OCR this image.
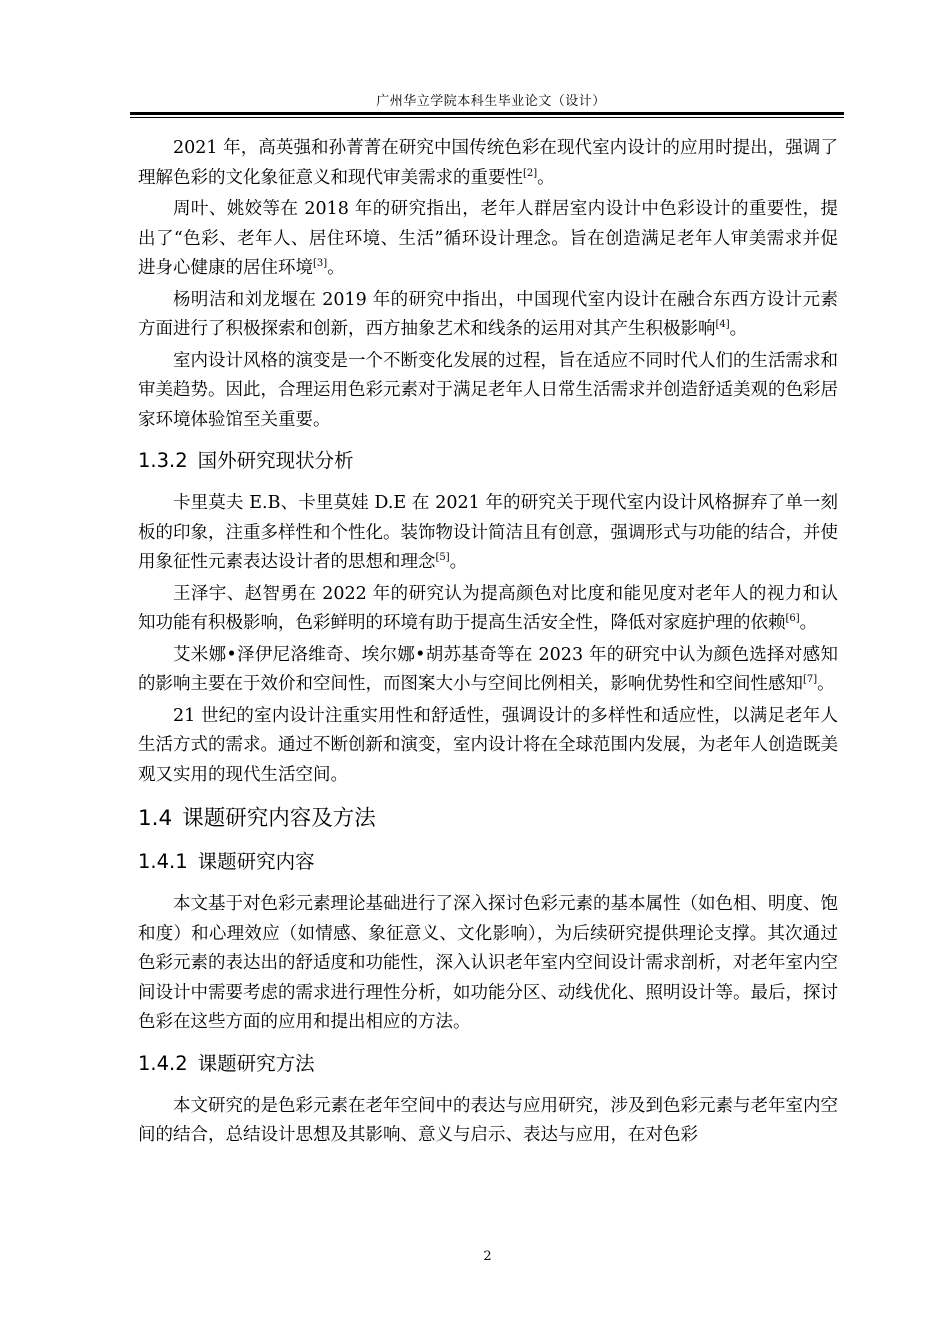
广州华立学院本科生毕业论文（设计）

2021 年，高英强和孙菁菁在研究中国传统色彩在现代室内设计的应用时提出，强调了理解色彩的文化象征意义和现代审美需求的重要性[2]。

周叶、姚姣等在 2018 年的研究指出，老年人群居室内设计中色彩设计的重要性，提出了“色彩、老年人、居住环境、生活”循环设计理念。旨在创造满足老年人审美需求并促进身心健康的居住环境[3]。

杨明洁和刘龙堰在 2019 年的研究中指出，中国现代室内设计在融合东西方设计元素方面进行了积极探索和创新，西方抽象艺术和线条的运用对其产生积极影响[4]。

室内设计风格的演变是一个不断变化发展的过程，旨在适应不同时代人们的生活需求和审美趋势。因此，合理运用色彩元素对于满足老年人日常生活需求并创造舒适美观的色彩居家环境体验馆至关重要。

1.3.2 国外研究现状分析

卡里莫夫 E.B、卡里莫娃 D.E 在 2021 年的研究关于现代室内设计风格摒弃了单一刻板的印象，注重多样性和个性化。装饰物设计简洁且有创意，强调形式与功能的结合，并使用象征性元素表达设计者的思想和理念[5]。

王泽宇、赵智勇在 2022 年的研究认为提高颜色对比度和能见度对老年人的视力和认知功能有积极影响，色彩鲜明的环境有助于提高生活安全性，降低对家庭护理的依赖[6]。

艾米娜•泽伊尼洛维奇、埃尔娜•胡苏基奇等在 2023 年的研究中认为颜色选择对感知的影响主要在于效价和空间性，而图案大小与空间比例相关，影响优势性和空间性感知[7]。

21 世纪的室内设计注重实用性和舒适性，强调设计的多样性和适应性，以满足老年人生活方式的需求。通过不断创新和演变，室内设计将在全球范围内发展，为老年人创造既美观又实用的现代生活空间。

1.4 课题研究内容及方法
1.4.1 课题研究内容

本文基于对色彩元素理论基础进行了深入探讨色彩元素的基本属性（如色相、明度、饱和度）和心理效应（如情感、象征意义、文化影响），为后续研究提供理论支撑。其次通过色彩元素的表达出的舒适度和功能性，深入认识老年室内空间设计需求剖析，对老年室内空间设计中需要考虑的需求进行理性分析，如功能分区、动线优化、照明设计等。最后，探讨色彩在这些方面的应用和提出相应的方法。

1.4.2 课题研究方法

本文研究的是色彩元素在老年空间中的表达与应用研究，涉及到色彩元素与老年室内空间的结合，总结设计思想及其影响、意义与启示、表达与应用，在对色彩

2
